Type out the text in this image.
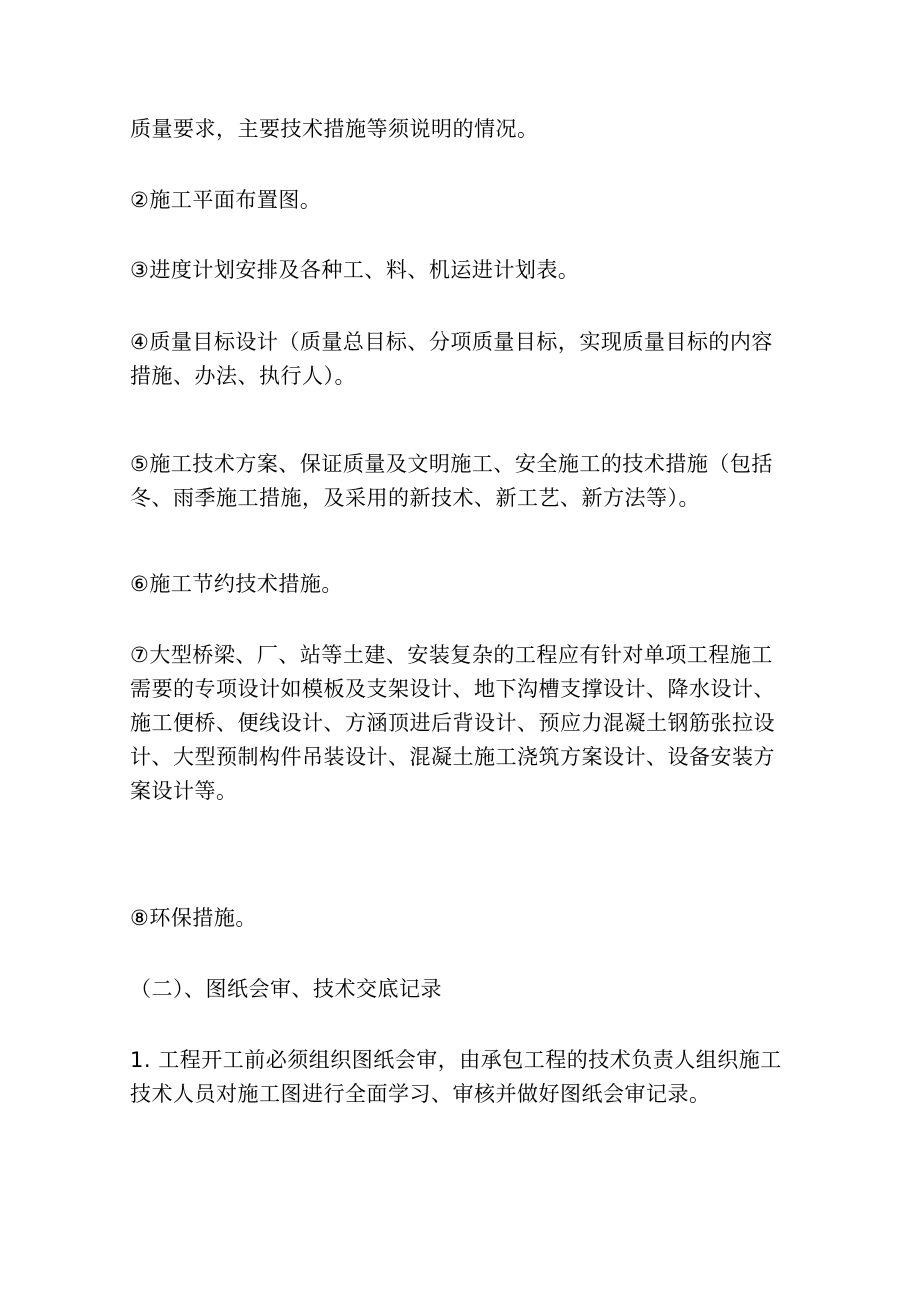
质量要求，主要技术措施等须说明的情况。

②施工平面布置图。

③进度计划安排及各种工、料、机运进计划表。

④质量目标设计（质量总目标、分项质量目标，实现质量目标的内容
措施、办法、执行人）。

⑤施工技术方案、保证质量及文明施工、安全施工的技术措施（包括
冬、雨季施工措施，及采用的新技术、新工艺、新方法等）。

⑥施工节约技术措施。

⑦大型桥梁、厂、站等土建、安装复杂的工程应有针对单项工程施工
需要的专项设计如模板及支架设计、地下沟槽支撑设计、降水设计、
施工便桥、便线设计、方涵顶进后背设计、预应力混凝土钢筋张拉设
计、大型预制构件吊装设计、混凝土施工浇筑方案设计、设备安装方
案设计等。

⑧环保措施。

（二）、图纸会审、技术交底记录

1. 工程开工前必须组织图纸会审，由承包工程的技术负责人组织施工
技术人员对施工图进行全面学习、审核并做好图纸会审记录。
